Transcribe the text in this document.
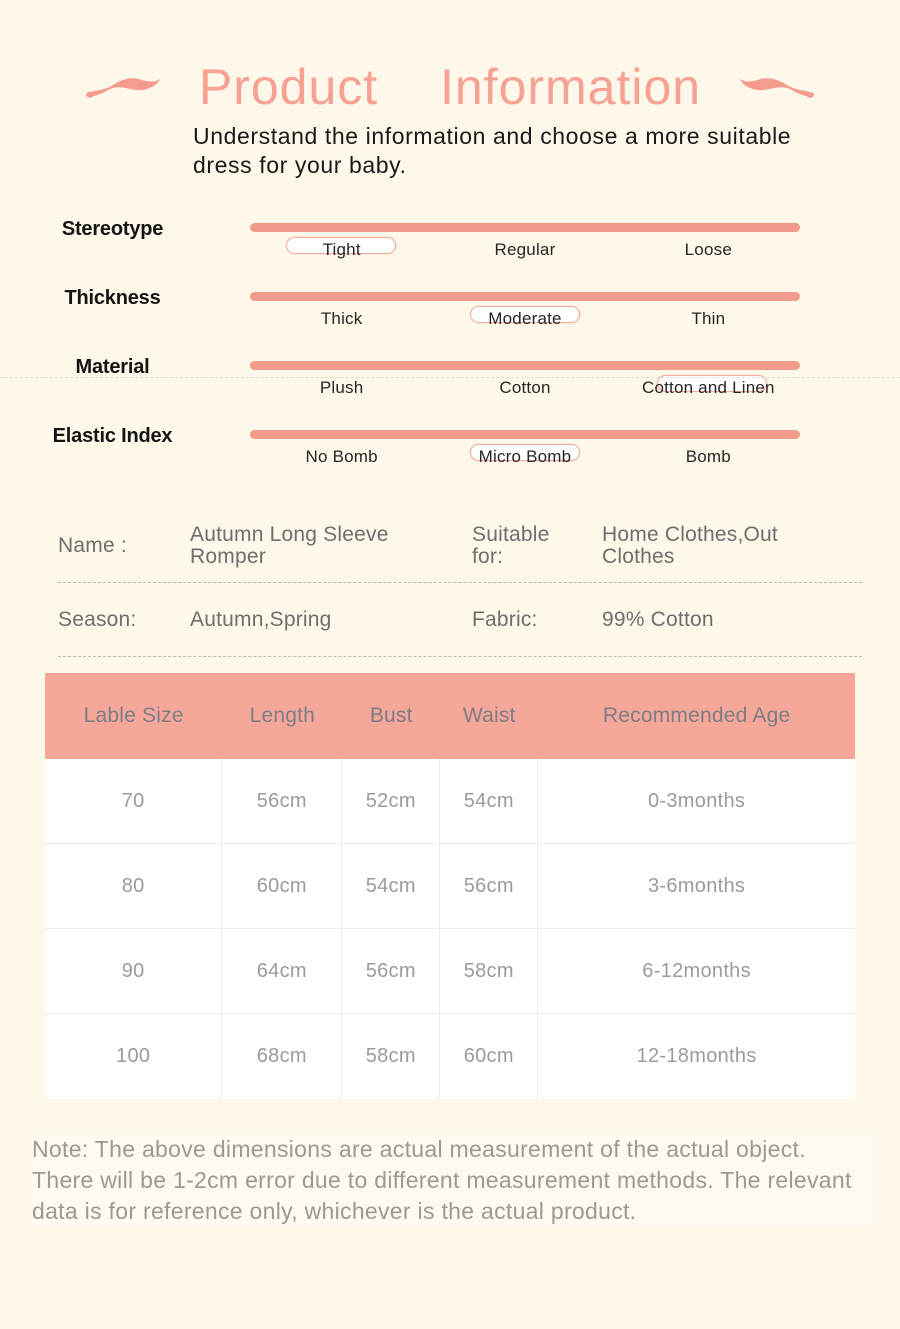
Product  Information
Understand the information and choose a more suitable dress for your baby.
Stereotype
Tight	Regular	Loose
Thickness
Thick	Moderate	Thin
Material
Plush	Cotton	Cotton and Linen
Elastic Index
No Bomb	Micro Bomb	Bomb
Name :	Autumn Long Sleeve Romper
Suitable for:
Home Clothes,Out Clothes
Season:	Autumn,Spring	Fabric:	99% Cotton
Lable Size	Length	Bust	Waist	Recommended Age
70	56cm	52cm	54cm	0-3months
80	60cm	54cm	56cm	3-6months
90	64cm	56cm	58cm	6-12months
100	68cm	58cm	60cm	12-18months
Note: The above dimensions are actual measurement of the actual object. There will be 1-2cm error due to different measurement methods. The relevant data is for reference only, whichever is the actual product.
